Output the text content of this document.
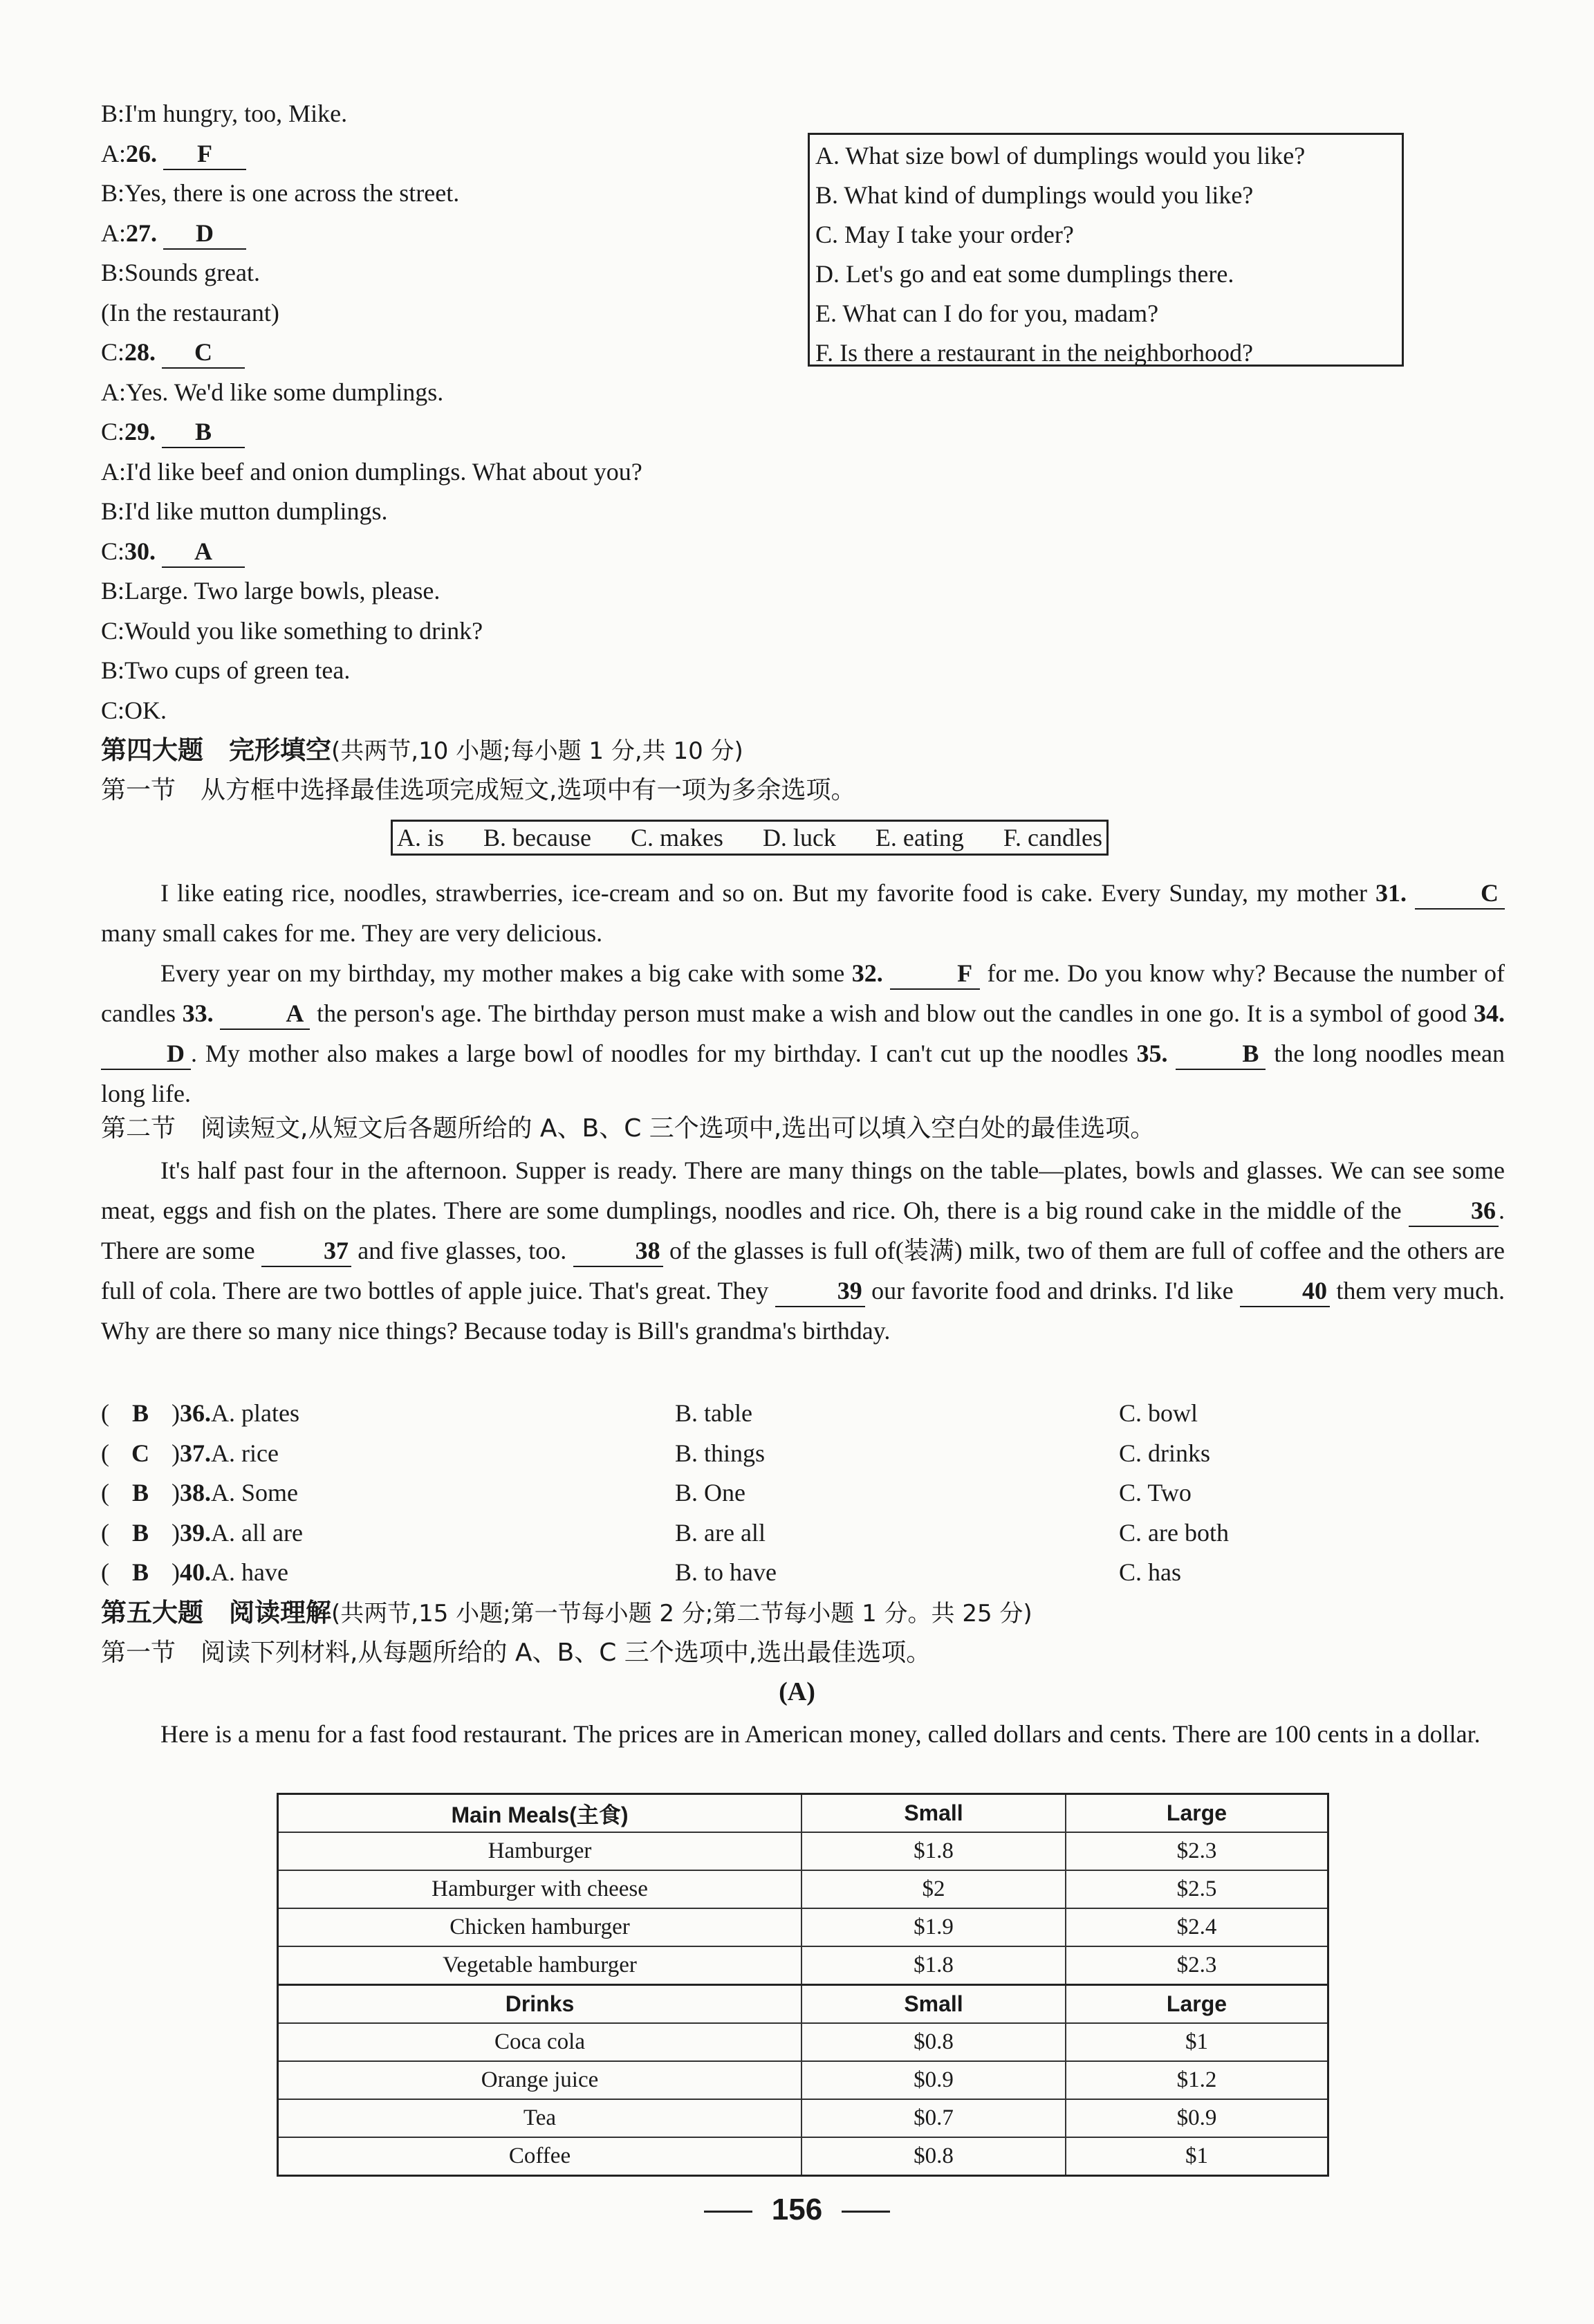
B:I'm hungry, too, Mike.
A:26. F
B:Yes, there is one across the street.
A:27. D
B:Sounds great.
(In the restaurant)
C:28. C
A:Yes. We'd like some dumplings.
C:29. B
A:I'd like beef and onion dumplings. What about you?
B:I'd like mutton dumplings.
C:30. A
B:Large. Two large bowls, please.
C:Would you like something to drink?
B:Two cups of green tea.
C:OK.
A. What size bowl of dumplings would you like?
B. What kind of dumplings would you like?
C. May I take your order?
D. Let's go and eat some dumplings there.
E. What can I do for you, madam?
F. Is there a restaurant in the neighborhood?
第四大题　 完形填空(共两节,10 小题;每小题 1 分,共 10 分)
第一节　从方框中选择最佳选项完成短文,选项中有一项为多余选项。
A. is B. because C. makes D. luck E. eating F. candles

I like eating rice, noodles, strawberries, ice-cream and so on. But my favorite food is cake. Every Sunday, my mother 31.	C many small cakes for me. They are very delicious.

Every year on my birthday, my mother makes a big cake with some 32.	F for me. Do you know why? Because the number of candles 33.	A the person's age. The birthday person must make a wish and blow out the candles in one go. It is a symbol of good 34. D . My mother also makes a large bowl of noodles for my birthday. I can't cut up the noodles 35.	B the long noodles mean long life.

第二节　阅读短文,从短文后各题所给的 A、B、C 三个选项中,选出可以填入空白处的最佳选项。

It's half past four in the afternoon. Supper is ready. There are many things on the table—plates, bowls and glasses. We can see some meat, eggs and fish on the plates. There are some dumplings, noodles and rice. Oh, there is a big round cake in the middle of the	36 . There are some	37 and five glasses, too.	38 of the glasses is full of(装满) milk, two of them are full of coffee and the others are full of cola. There are two bottles of apple juice. That's great. They	39 our favorite food and drinks. I'd like	40 them very much. Why are there so many nice things? Because today is Bill's grandma's birthday.

( B )36.A. plates	B. table	C. bowl
( C )37.A. rice	B. things	C. drinks
( B )38.A. Some	B. One	C. Two
( B )39.A. all are	B. are all	C. are both
( B )40.A. have	B. to have	C. has
第五大题　 阅读理解(共两节,15 小题;第一节每小题 2 分;第二节每小题 1 分。共 25 分)
第一节　阅读下列材料,从每题所给的 A、B、C 三个选项中,选出最佳选项。
(A)

Here is a menu for a fast food restaurant. The prices are in American money, called dollars and cents. There are 100 cents in a dollar.

Main Meals(主食)	Small	Large
Hamburger	$1.8	$2.3
Hamburger with cheese	$2	$2.5
Chicken hamburger	$1.9	$2.4
Vegetable hamburger	$1.8	$2.3
Drinks	Small	Large
Coca cola	$0.8	$1
Orange juice	$0.9	$1.2
Tea	$0.7	$0.9
Coffee	$0.8	$1
156
